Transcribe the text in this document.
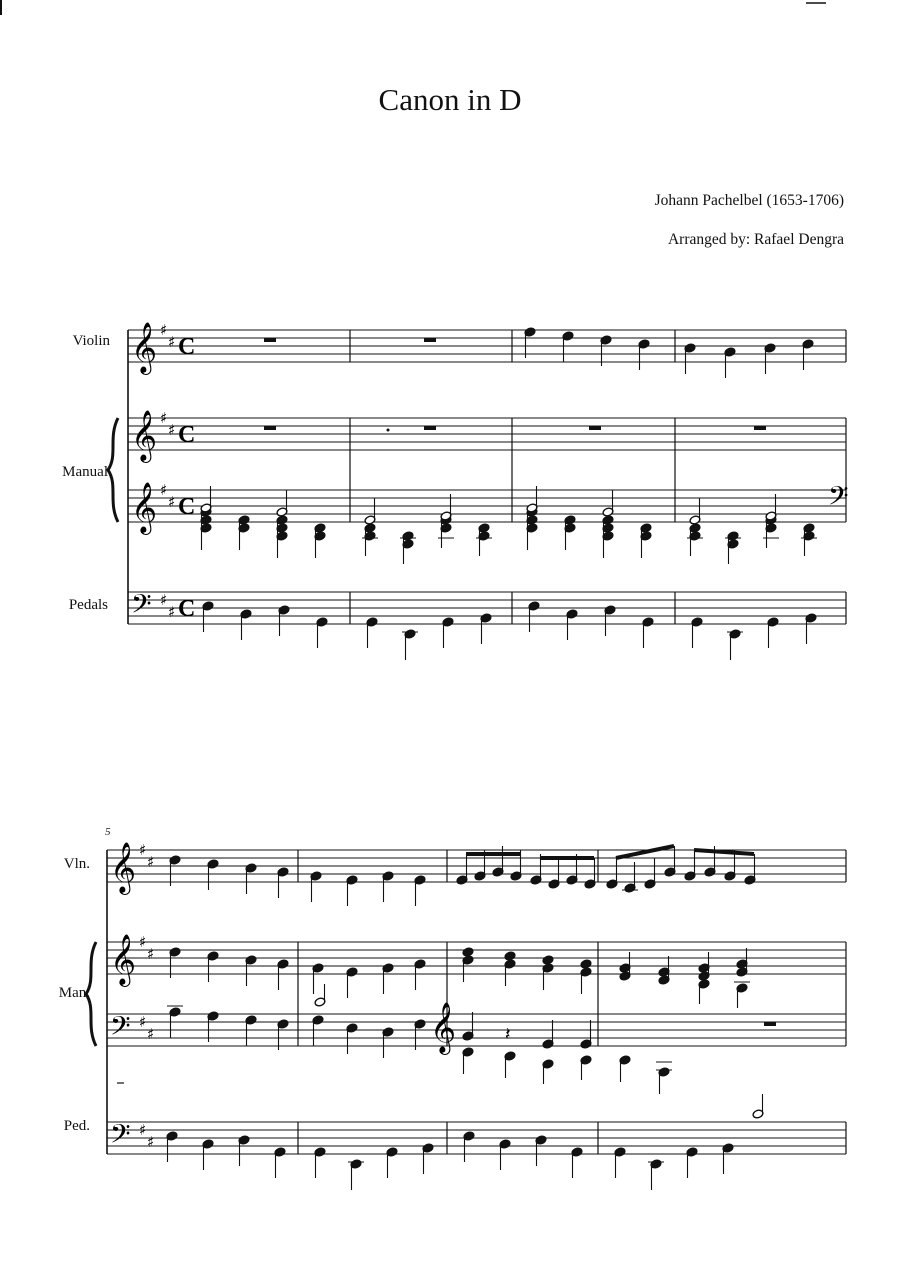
Canon in D
Johann Pachelbel (1653-1706)
Arranged by: Rafael Dengra
Violin
Manual
Pedals
Vln.
Man.
Ped.
5
𝄞 ♯
♯ C
𝄞 ♯
♯ C
𝄞 ♯
♯ C
𝄢 ♯
♯ C
𝄢
𝄞 ♯
♯
𝄞 ♯
♯
𝄢 ♯
♯
𝄢 ♯
♯
𝄞	𝄽
